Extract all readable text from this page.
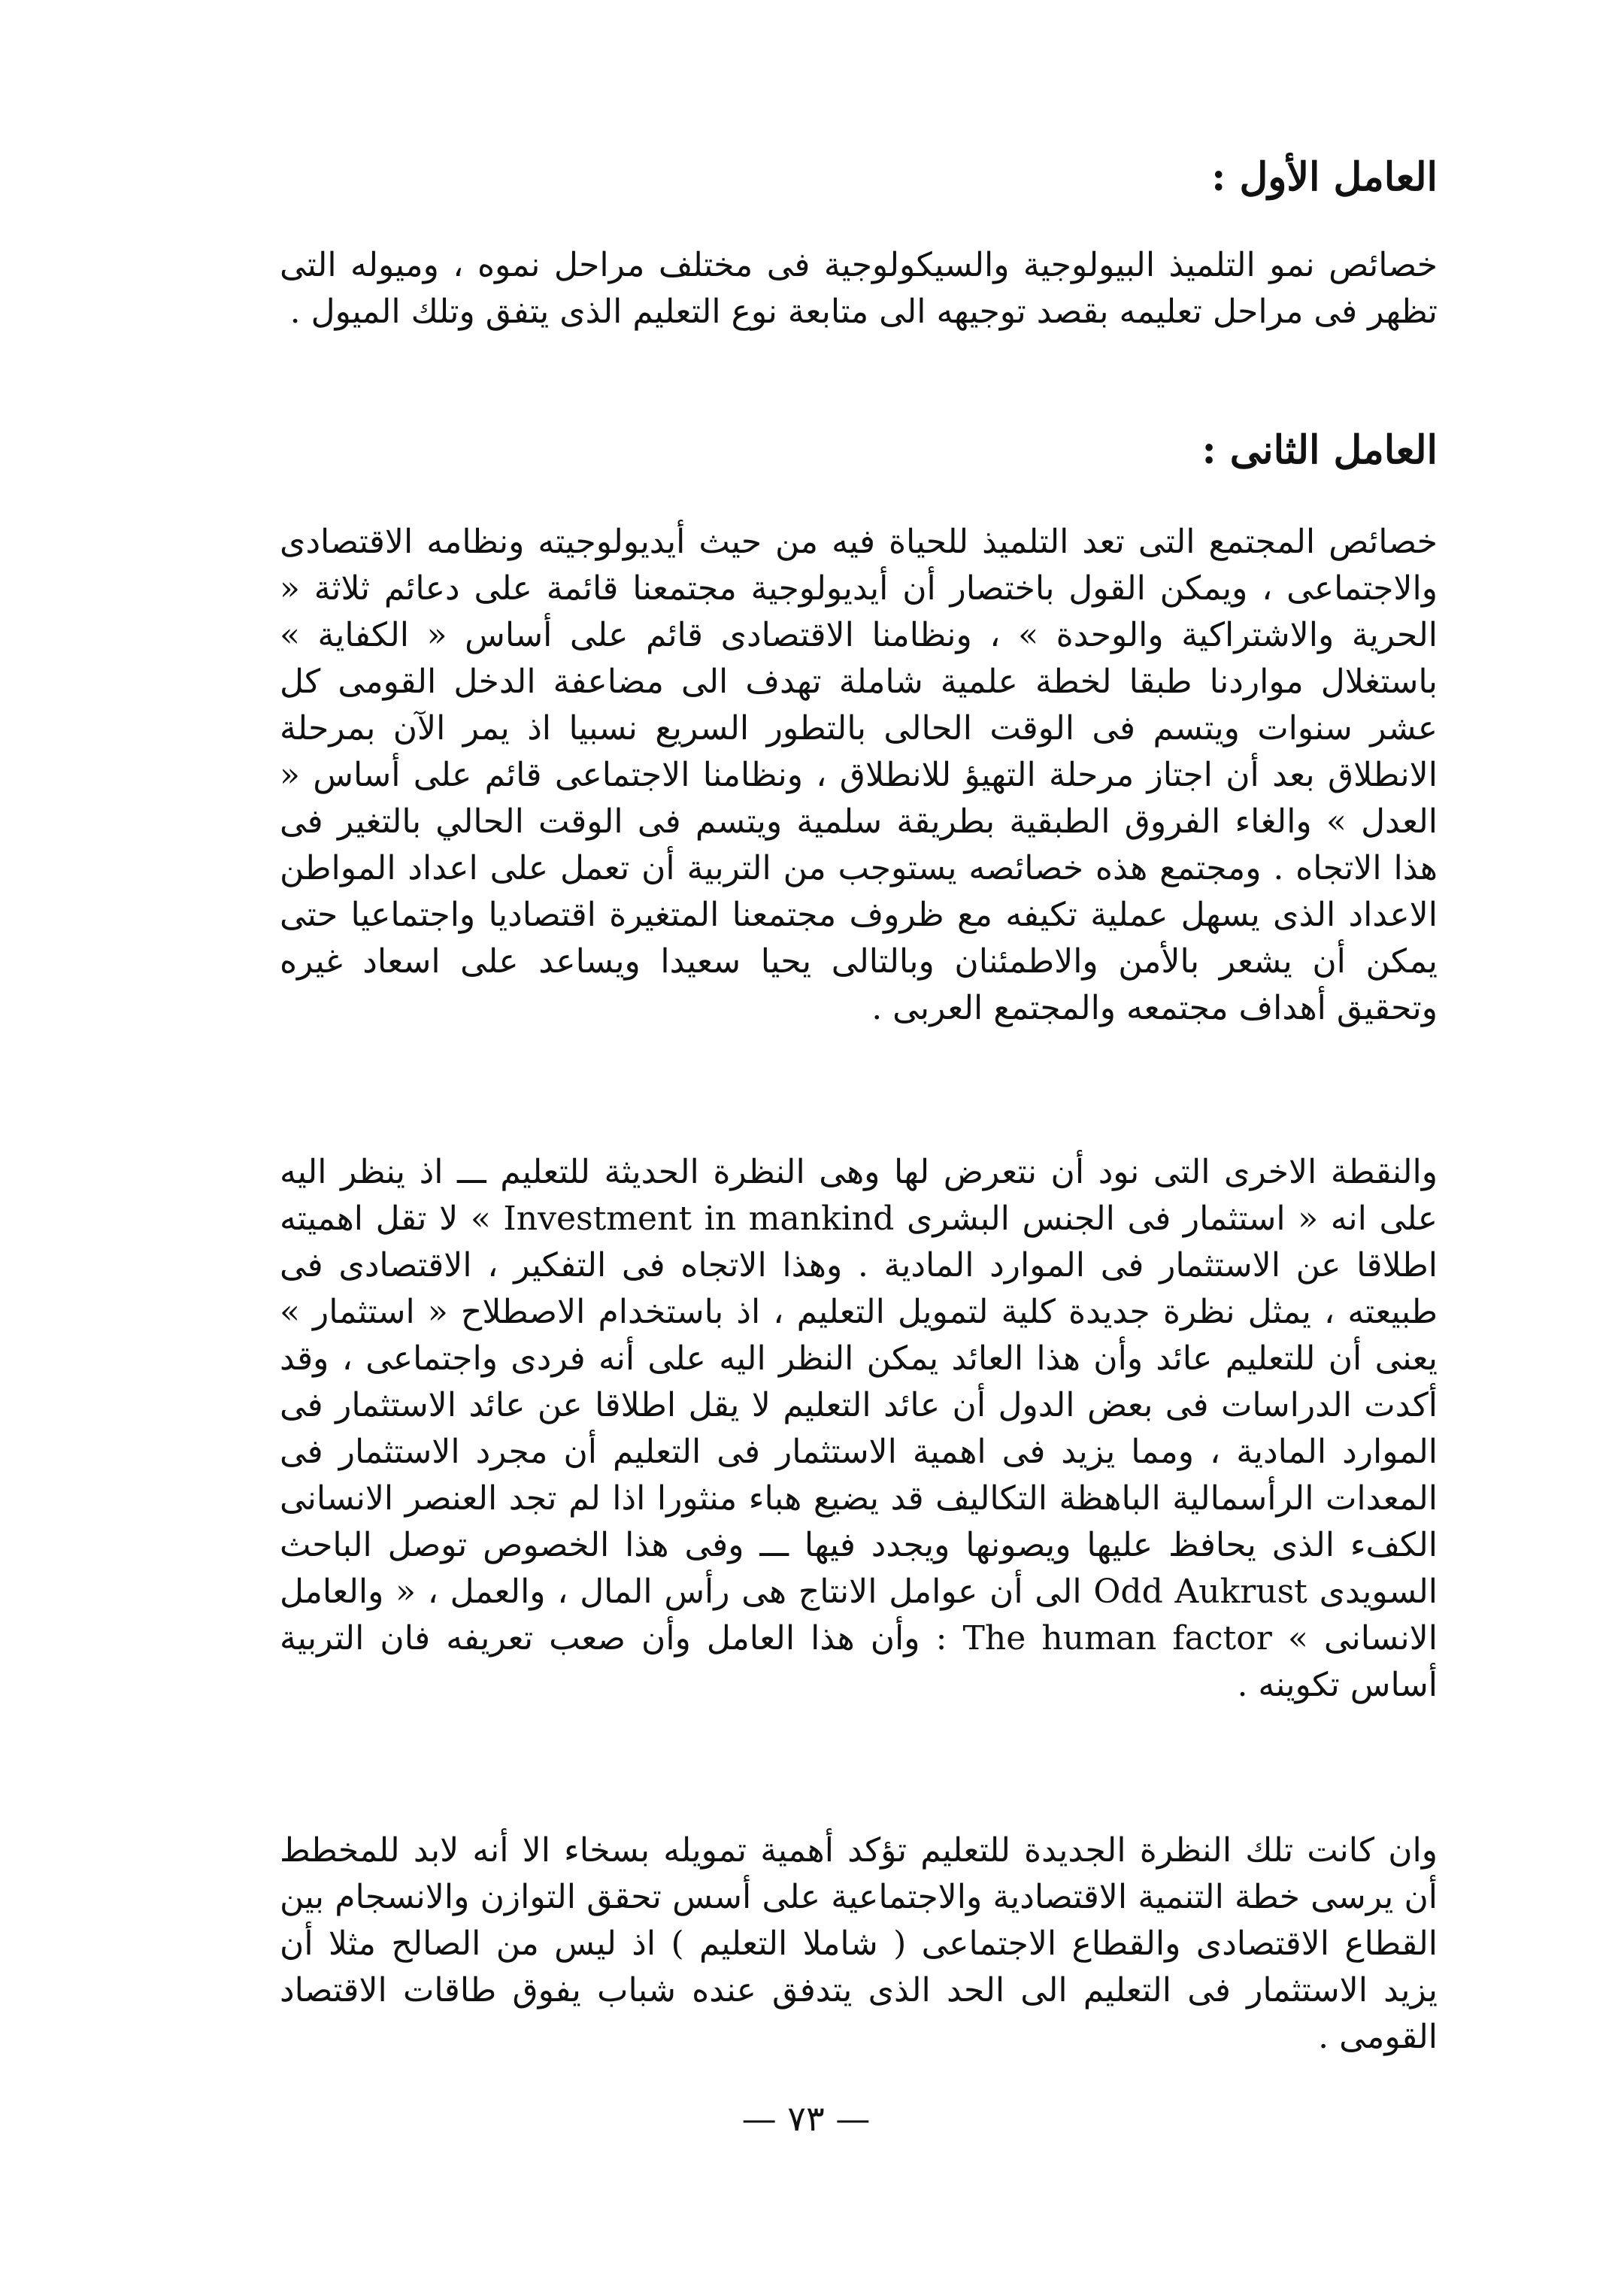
العامل الأول :

خصائص نمو التلميذ البيولوجية والسيكولوجية فى مختلف مراحل نموه ، وميوله التى تظهر فى مراحل تعليمه بقصد توجيهه الى متابعة نوع التعليم الذى يتفق وتلك الميول .

العامل الثانى :

خصائص المجتمع التى تعد التلميذ للحياة فيه من حيث أيديولوجيته ونظامه الاقتصادى والاجتماعى ، ويمكن القول باختصار أن أيديولوجية مجتمعنا قائمة على دعائم ثلاثة « الحرية والاشتراكية والوحدة » ، ونظامنا الاقتصادى قائم على أساس « الكفاية » باستغلال مواردنا طبقا لخطة علمية شاملة تهدف الى مضاعفة الدخل القومى كل عشر سنوات ويتسم فى الوقت الحالى بالتطور السريع نسبيا اذ يمر الآن بمرحلة الانطلاق بعد أن اجتاز مرحلة التهيؤ للانطلاق ، ونظامنا الاجتماعى قائم على أساس « العدل » والغاء الفروق الطبقية بطريقة سلمية ويتسم فى الوقت الحالي بالتغير فى هذا الاتجاه . ومجتمع هذه خصائصه يستوجب من التربية أن تعمل على اعداد المواطن الاعداد الذى يسهل عملية تكيفه مع ظروف مجتمعنا المتغيرة اقتصاديا واجتماعيا حتى يمكن أن يشعر بالأمن والاطمئنان وبالتالى يحيا سعيدا ويساعد على اسعاد غيره وتحقيق أهداف مجتمعه والمجتمع العربى .

والنقطة الاخرى التى نود أن نتعرض لها وهى النظرة الحديثة للتعليم ـــ اذ ينظر اليه على انه « استثمار فى الجنس البشرى Investment in mankind » لا تقل اهميته اطلاقا عن الاستثمار فى الموارد المادية . وهذا الاتجاه فى التفكير ، الاقتصادى فى طبيعته ، يمثل نظرة جديدة كلية لتمويل التعليم ، اذ باستخدام الاصطلاح « استثمار » يعنى أن للتعليم عائد وأن هذا العائد يمكن النظر اليه على أنه فردى واجتماعى ، وقد أكدت الدراسات فى بعض الدول أن عائد التعليم لا يقل اطلاقا عن عائد الاستثمار فى الموارد المادية ، ومما يزيد فى اهمية الاستثمار فى التعليم أن مجرد الاستثمار فى المعدات الرأسمالية الباهظة التكاليف قد يضيع هباء منثورا اذا لم تجد العنصر الانسانى الكفء الذى يحافظ عليها ويصونها ويجدد فيها ـــ وفى هذا الخصوص توصل الباحث السويدى Odd Aukrust الى أن عوامل الانتاج هى رأس المال ، والعمل ، « والعامل الانسانى » The human factor : وأن هذا العامل وأن صعب تعريفه فان التربية أساس تكوينه .

وان كانت تلك النظرة الجديدة للتعليم تؤكد أهمية تمويله بسخاء الا أنه لابد للمخطط أن يرسى خطة التنمية الاقتصادية والاجتماعية على أسس تحقق التوازن والانسجام بين القطاع الاقتصادى والقطاع الاجتماعى ( شاملا التعليم ) اذ ليس من الصالح مثلا أن يزيد الاستثمار فى التعليم الى الحد الذى يتدفق عنده شباب يفوق طاقات الاقتصاد القومى .

— ٧٣ —
